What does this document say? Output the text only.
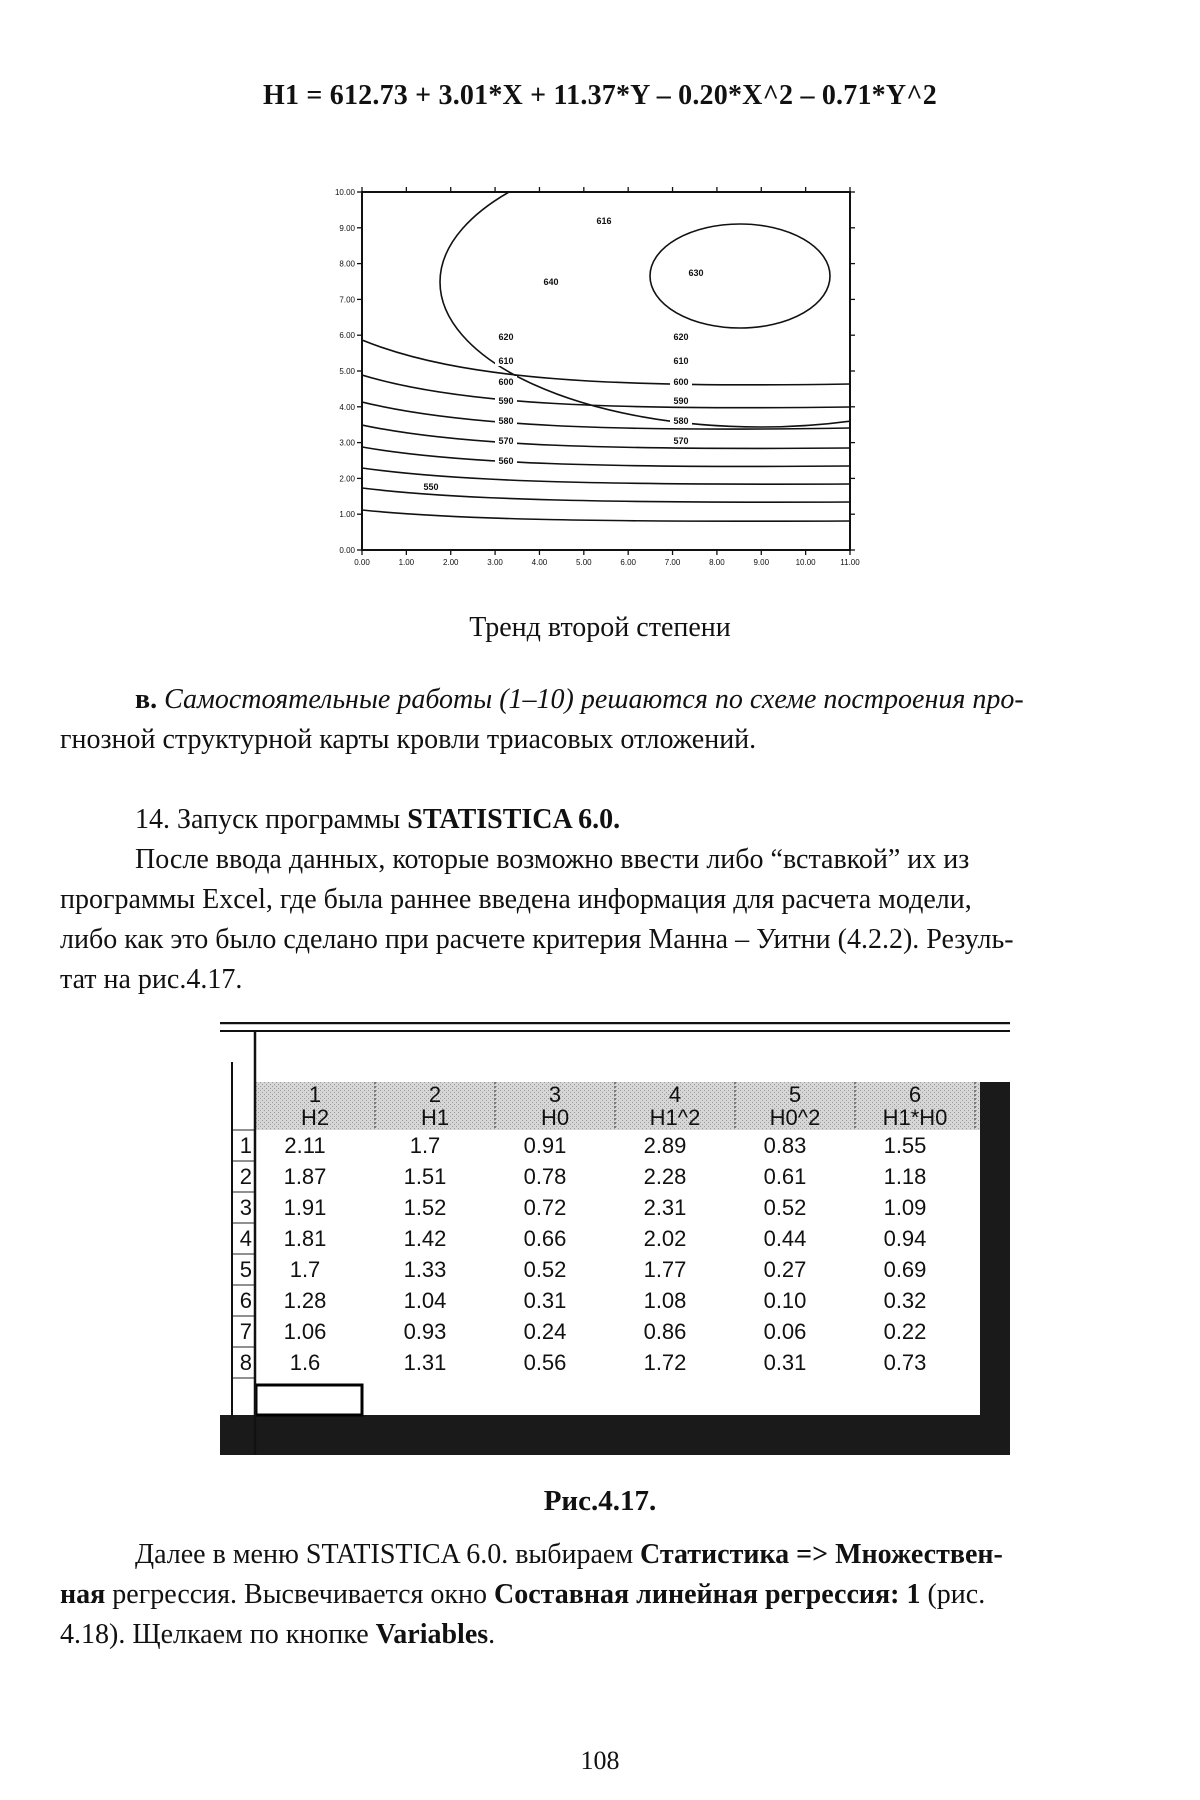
H1 = 612.73 + 3.01*X + 11.37*Y – 0.20*X^2 – 0.71*Y^2
10.00
9.00
8.00
7.00
6.00
5.00
4.00
3.00
2.00
1.00
0.00
0.00	1.00	2.00	3.00	4.00	5.00	6.00	7.00	8.00	9.00	10.00	11.00
616
640
630
620
610
600
590
580
570
560
550
620
610
600
590
580
570
Тренд второй степени
в. Самостоятельные работы (1–10) решаются по схеме построения про-
гнозной структурной карты кровли триасовых отложений.
14. Запуск программы STATISTICA 6.0.
После ввода данных, которые возможно ввести либо “вставкой” их из
программы Excel, где была раннее введена информация для расчета модели,
либо как это было сделано при расчете критерия Манна – Уитни (4.2.2). Резуль-
тат на рис.4.17.
1
H2
2
H1
3
H0
4
H1^2
5
H0^2
6
H1*H0
1
2
3
4
5
6
7
8
2.11	1.7	0.91	2.89	0.83	1.55
1.87	1.51	0.78	2.28	0.61	1.18
1.91	1.52	0.72	2.31	0.52	1.09
1.81	1.42	0.66	2.02	0.44	0.94
1.7	1.33	0.52	1.77	0.27	0.69
1.28	1.04	0.31	1.08	0.10	0.32
1.06	0.93	0.24	0.86	0.06	0.22
1.6	1.31	0.56	1.72	0.31	0.73
Рис.4.17.
Далее в меню STATISTICA 6.0. выбираем Статистика => Множествен-
ная регрессия. Высвечивается окно Составная линейная регрессия: 1 (рис.
4.18). Щелкаем по кнопке Variables.
108
